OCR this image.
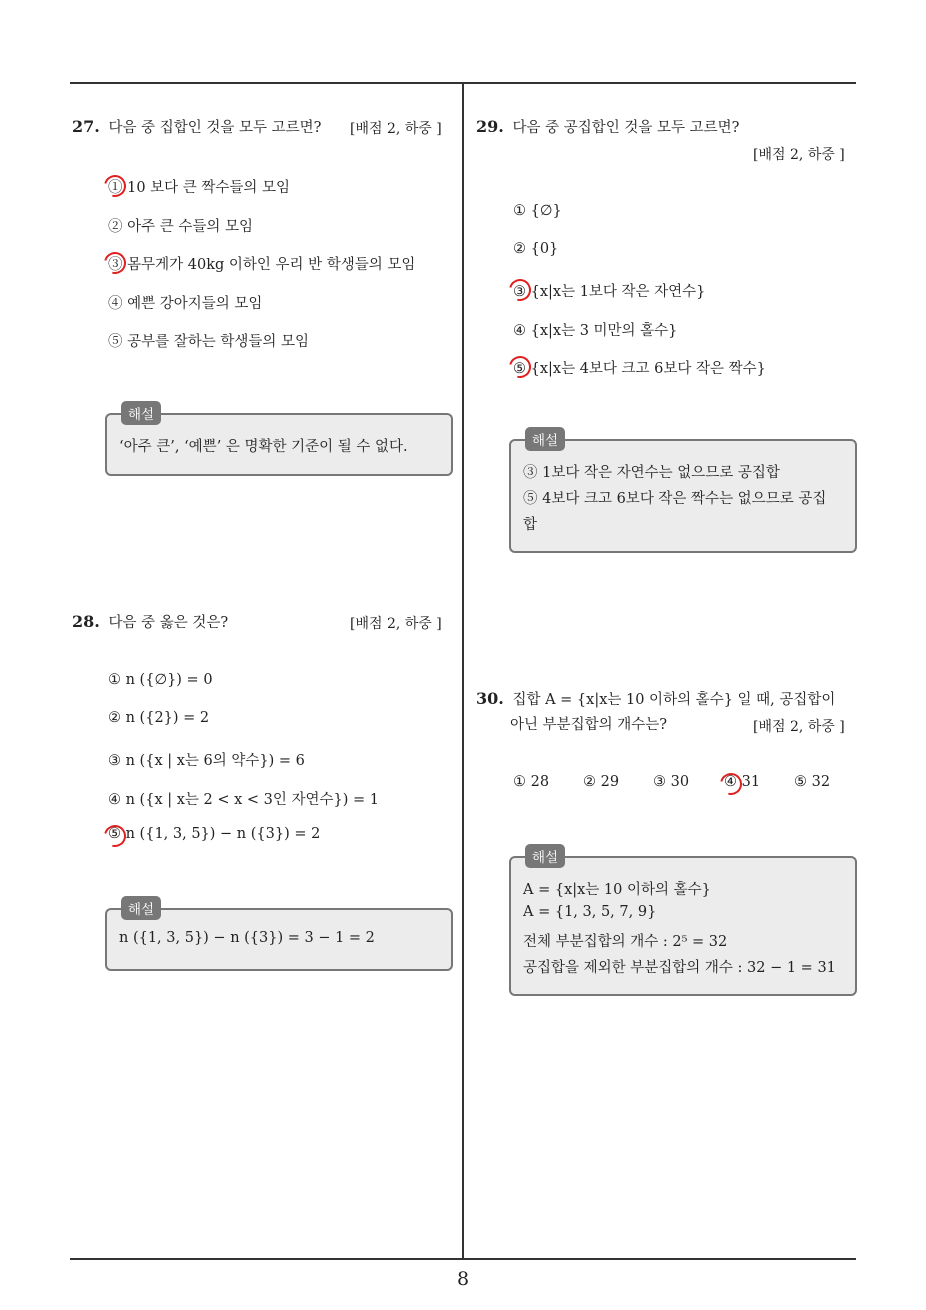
27. 다음 중 집합인 것을 모두 고르면? [배점 2, 하중 ]
① 10 보다 큰 짝수들의 모임
② 아주 큰 수들의 모임
③ 몸무게가 40kg 이하인 우리 반 학생들의 모임
④ 예쁜 강아지들의 모임
⑤ 공부를 잘하는 학생들의 모임
해설
‘아주 큰’, ‘예쁜’ 은 명확한 기준이 될 수 없다.
28. 다음 중 옳은 것은?	[배점 2, 하중 ]
① n ({∅}) = 0
② n ({2}) = 2
③ n ({x | x는 6의 약수}) = 6
④ n ({x | x는 2 < x < 3인 자연수}) = 1
⑤ n ({1, 3, 5}) − n ({3}) = 2
해설
n ({1, 3, 5}) − n ({3}) = 3 − 1 = 2
29. 다음 중 공집합인 것을 모두 고르면?
[배점 2, 하중 ]
① {∅}
② {0}
③ {x|x는 1보다 작은 자연수}
④ {x|x는 3 미만의 홀수}
⑤ {x|x는 4보다 크고 6보다 작은 짝수}
해설
③ 1보다 작은 자연수는 없으므로 공집합
⑤ 4보다 크고 6보다 작은 짝수는 없으므로 공집
합
30. 집합 A = {x|x는 10 이하의 홀수} 일 때, 공집합이
아닌 부분집합의 개수는?	[배점 2, 하중 ]
① 28 ② 29 ③ 30 ④ 31 ⑤ 32
해설
A = {x|x는 10 이하의 홀수}
A = {1, 3, 5, 7, 9}
전체 부분집합의 개수 : 2⁵ = 32
공집합을 제외한 부분집합의 개수 : 32 − 1 = 31
8
